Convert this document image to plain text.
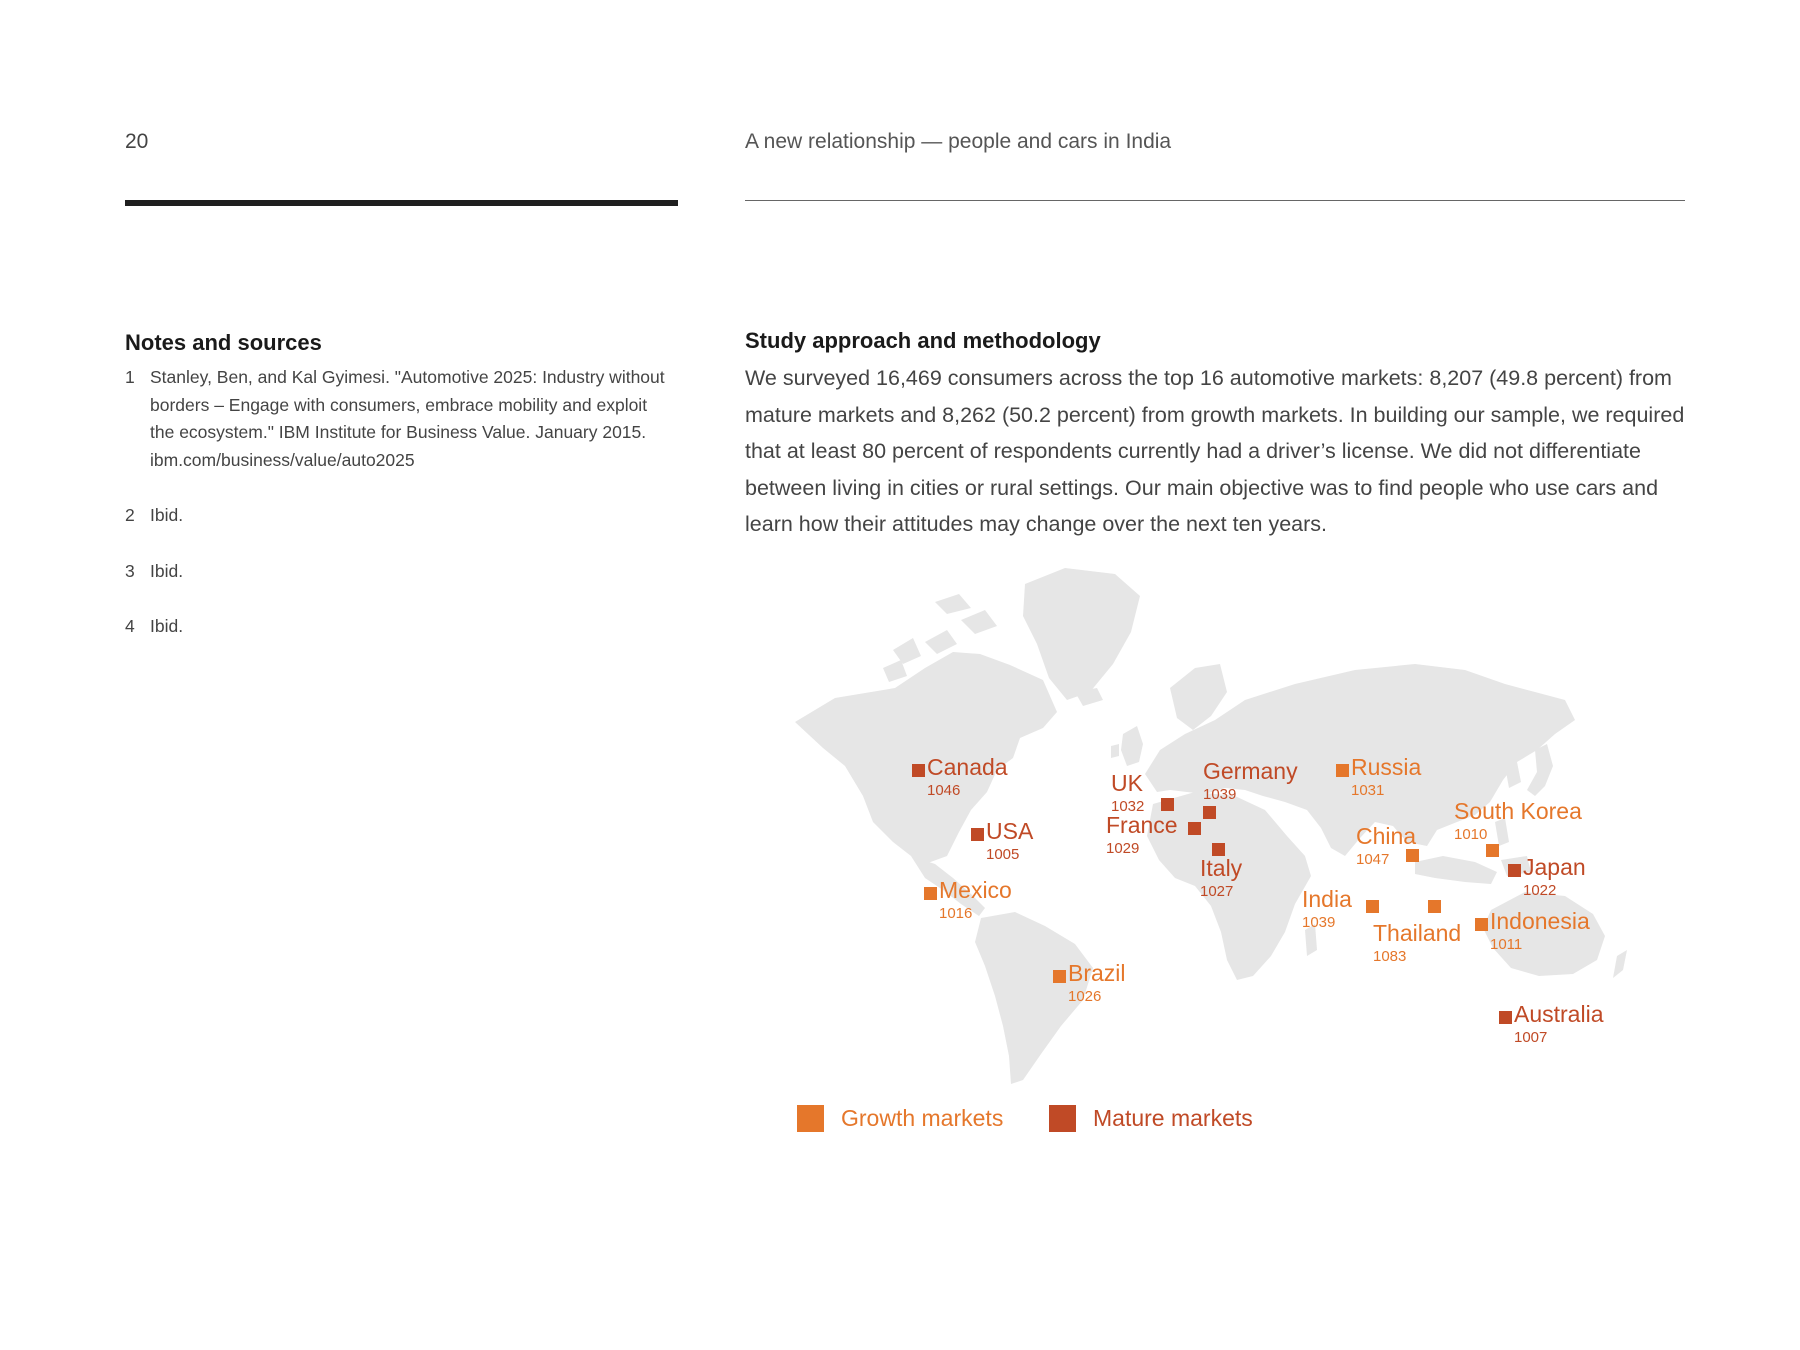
20	A new relationship — people and cars in India
Notes and sources
1 Stanley, Ben, and Kal Gyimesi. "Automotive 2025: Industry without borders – Engage with consumers, embrace mobility and exploit the ecosystem." IBM Institute for Business Value. January 2015. ibm.com/business/value/auto2025
2 Ibid.
3 Ibid.
4 Ibid.
Study approach and methodology

We surveyed 16,469 consumers across the top 16 automotive markets: 8,207 (49.8 percent) from mature markets and 8,262 (50.2 percent) from growth markets. In building our sample, we required that at least 80 percent of respondents currently had a driver’s license. We did not differentiate between living in cities or rural settings. Our main objective was to find people who use cars and learn how their attitudes may change over the next ten years.

Canada
1046
USA
1005
Mexico
1016
Brazil
1026
UK
1032
France
1029
Germany
1039
Italy
1027
Russia
1031
China
1047
India
1039 Thailand
1083
South Korea
1010
Japan
1022
Indonesia
1011
Australia
1007
Growth markets	Mature markets
